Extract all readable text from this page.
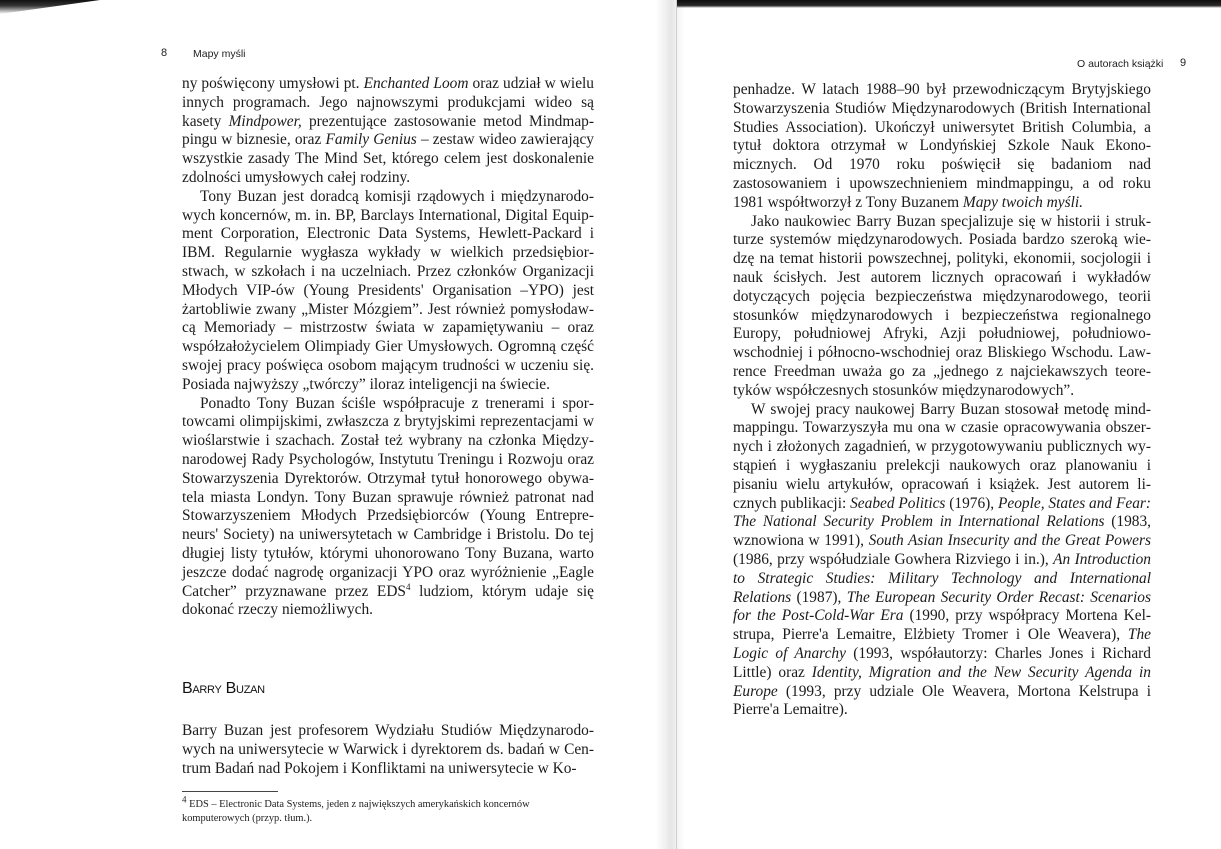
8 Mapy myśli

ny poświęcony umysłowi pt. Enchanted Loom oraz udział w wielu innych programach. Jego najnowszymi produkcjami wideo są kasety Mindpower, prezentujące zastosowanie metod Mindmappingu w biznesie, oraz Family Genius – zestaw wideo zawierający wszystkie zasady The Mind Set, którego celem jest doskonalenie zdolności umysłowych całej rodziny.

Tony Buzan jest doradcą komisji rządowych i międzynarodowych koncernów, m. in. BP, Barclays International, Digital Equipment Corporation, Electronic Data Systems, Hewlett-Packard i IBM. Regularnie wygłasza wykłady w wielkich przedsiębiorstwach, w szkołach i na uczelniach. Przez członków Organizacji Młodych VIP-ów (Young Presidents' Organisation –YPO) jest żartobliwie zwany „Mister Mózgiem”. Jest również pomysłodawcą Memoriady – mistrzostw świata w zapamiętywaniu – oraz współzałożycielem Olimpiady Gier Umysłowych. Ogromną część swojej pracy poświęca osobom mającym trudności w uczeniu się. Posiada najwyższy „twórczy” iloraz inteligencji na świecie.

Ponadto Tony Buzan ściśle współpracuje z trenerami i sportowcami olimpijskimi, zwłaszcza z brytyjskimi reprezentacjami w wioślarstwie i szachach. Został też wybrany na członka Międzynarodowej Rady Psychologów, Instytutu Treningu i Rozwoju oraz Stowarzyszenia Dyrektorów. Otrzymał tytuł honorowego obywatela miasta Londyn. Tony Buzan sprawuje również patronat nad Stowarzyszeniem Młodych Przedsiębiorców (Young Entrepreneurs' Society) na uniwersytetach w Cambridge i Bristolu. Do tej długiej listy tytułów, którymi uhonorowano Tony Buzana, warto jeszcze dodać nagrodę organizacji YPO oraz wyróżnienie „Eagle Catcher” przyznawane przez EDS$^4$ ludziom, którym udaje się dokonać rzeczy niemożliwych.

Barry Buzan

Barry Buzan jest profesorem Wydziału Studiów Międzynarodowych na uniwersytecie w Warwick i dyrektorem ds. badań w Centrum Badań nad Pokojem i Konfliktami na uniwersytecie w Ko-

$^4$ EDS – Electronic Data Systems, jeden z największych amerykańskich koncernów komputerowych (przyp. tłum.).
O autorach książki 9

penhadze. W latach 1988–90 był przewodniczącym Brytyjskiego Stowarzyszenia Studiów Międzynarodowych (British International Studies Association). Ukończył uniwersytet British Columbia, a tytuł doktora otrzymał w Londyńskiej Szkole Nauk Ekonomicznych. Od 1970 roku poświęcił się badaniom nad zastosowaniem i upowszechnieniem mindmappingu, a od roku 1981 współtworzył z Tony Buzanem Mapy twoich myśli.

Jako naukowiec Barry Buzan specjalizuje się w historii i strukturze systemów międzynarodowych. Posiada bardzo szeroką wiedzę na temat historii powszechnej, polityki, ekonomii, socjologii i nauk ścisłych. Jest autorem licznych opracowań i wykładów dotyczących pojęcia bezpieczeństwa międzynarodowego, teorii stosunków międzynarodowych i bezpieczeństwa regionalnego Europy, południowej Afryki, Azji południowej, południowo-wschodniej i północno-wschodniej oraz Bliskiego Wschodu. Lawrence Freedman uważa go za „jednego z najciekawszych teoretyków współczesnych stosunków międzynarodowych”.

W swojej pracy naukowej Barry Buzan stosował metodę mindmappingu. Towarzyszyła mu ona w czasie opracowywania obszernych i złożonych zagadnień, w przygotowywaniu publicznych wystąpień i wygłaszaniu prelekcji naukowych oraz planowaniu i pisaniu wielu artykułów, opracowań i książek. Jest autorem licznych publikacji: Seabed Politics (1976), People, States and Fear: The National Security Problem in International Relations (1983, wznowiona w 1991), South Asian Insecurity and the Great Powers (1986, przy współudziale Gowhera Rizviego i in.), An Introduction to Strategic Studies: Military Technology and International Relations (1987), The European Security Order Recast: Scenarios for the Post-Cold-War Era (1990, przy współpracy Mortena Kelstrupa, Pierre'a Lemaitre, Elżbiety Tromer i Ole Weavera), The Logic of Anarchy (1993, współautorzy: Charles Jones i Richard Little) oraz Identity, Migration and the New Security Agenda in Europe (1993, przy udziale Ole Weavera, Mortona Kelstrupa i Pierre'a Lemaitre).
